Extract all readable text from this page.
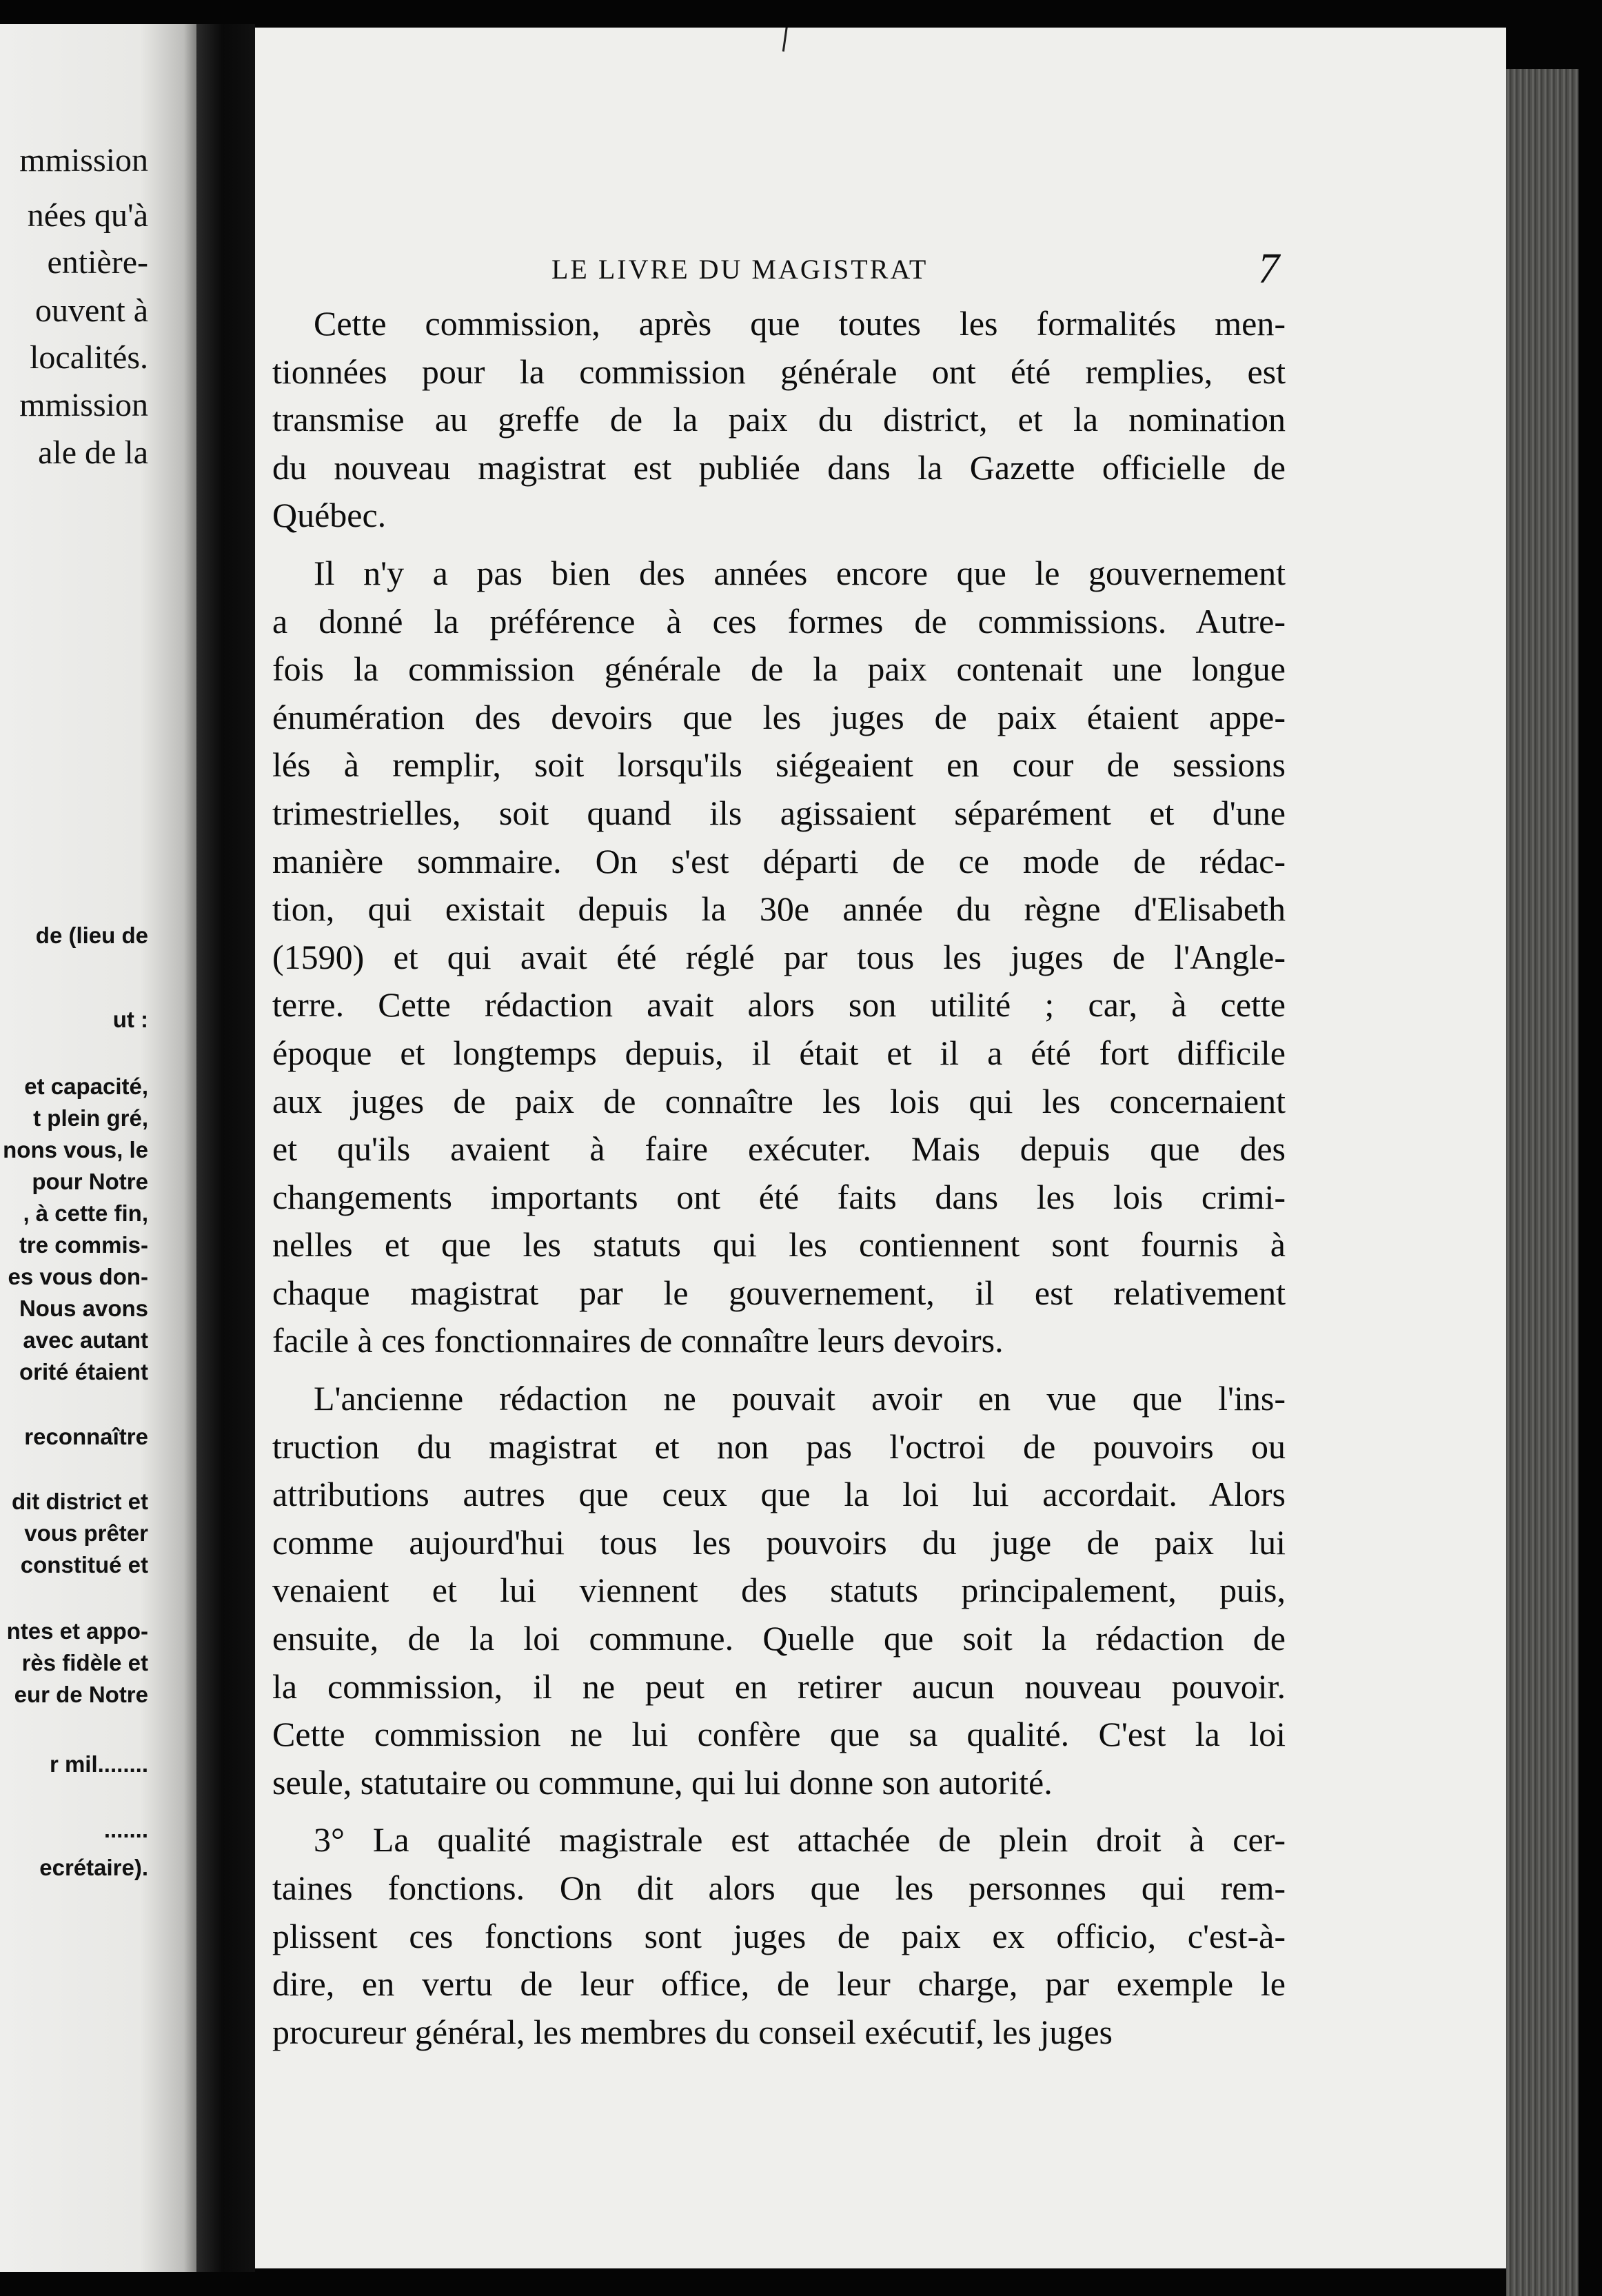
mmission
nées qu'à
entière-
ouvent à
localités.
mmission
ale de la
de (lieu de
ut :
et capacité,
t plein gré,
nons vous, le
pour Notre
, à cette fin,
tre commis-
es vous don-
Nous avons
avec autant
orité étaient
reconnaître
dit district et
vous prêter
constitué et
ntes et appo-
rès fidèle et
eur de Notre
r mil........
.......
ecrétaire).
LE LIVRE DU MAGISTRAT	7
Cette commission, après que toutes les formalités men-
tionnées pour la commission générale ont été remplies, est
transmise au greffe de la paix du district, et la nomination
du nouveau magistrat est publiée dans la Gazette officielle de
Québec.
Il n'y a pas bien des années encore que le gouvernement
a donné la préférence à ces formes de commissions. Autre-
fois la commission générale de la paix contenait une longue
énumération des devoirs que les juges de paix étaient appe-
lés à remplir, soit lorsqu'ils siégeaient en cour de sessions
trimestrielles, soit quand ils agissaient séparément et d'une
manière sommaire. On s'est départi de ce mode de rédac-
tion, qui existait depuis la 30e année du règne d'Elisabeth
(1590) et qui avait été réglé par tous les juges de l'Angle-
terre. Cette rédaction avait alors son utilité ; car, à cette
époque et longtemps depuis, il était et il a été fort difficile
aux juges de paix de connaître les lois qui les concernaient
et qu'ils avaient à faire exécuter. Mais depuis que des
changements importants ont été faits dans les lois crimi-
nelles et que les statuts qui les contiennent sont fournis à
chaque magistrat par le gouvernement, il est relativement
facile à ces fonctionnaires de connaître leurs devoirs.
L'ancienne rédaction ne pouvait avoir en vue que l'ins-
truction du magistrat et non pas l'octroi de pouvoirs ou
attributions autres que ceux que la loi lui accordait. Alors
comme aujourd'hui tous les pouvoirs du juge de paix lui
venaient et lui viennent des statuts principalement, puis,
ensuite, de la loi commune. Quelle que soit la rédaction de
la commission, il ne peut en retirer aucun nouveau pouvoir.
Cette commission ne lui confère que sa qualité. C'est la loi
seule, statutaire ou commune, qui lui donne son autorité.
3° La qualité magistrale est attachée de plein droit à cer-
taines fonctions. On dit alors que les personnes qui rem-
plissent ces fonctions sont juges de paix ex officio, c'est-à-
dire, en vertu de leur office, de leur charge, par exemple le
procureur général, les membres du conseil exécutif, les juges
